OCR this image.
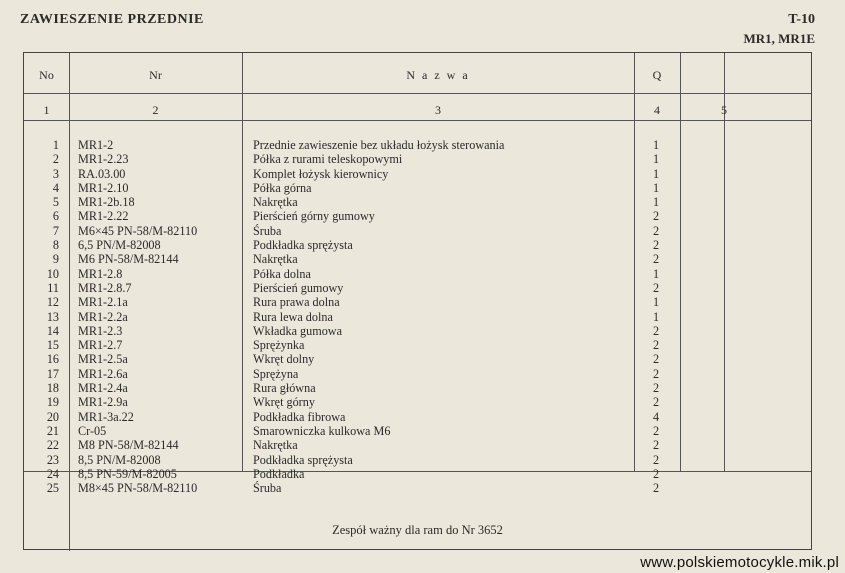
ZAWIESZENIE PRZEDNIE	T-10
MR1, MR1E
No	Nr	N a z w a	Q
1	2	3	4	5
1 MR1-2	Przednie zawieszenie bez układu łożysk sterowania	1
2 MR1-2.23	Półka z rurami teleskopowymi	1
3 RA.03.00	Komplet łożysk kierownicy	1
4 MR1-2.10	Półka górna	1
5 MR1-2b.18	Nakrętka	1
6 MR1-2.22	Pierścień górny gumowy	2
7 M6×45 PN-58/M-82110	Śruba	2
8 6,5 PN/M-82008	Podkładka sprężysta	2
9 M6 PN-58/M-82144	Nakrętka	2
10 MR1-2.8	Półka dolna	1
11 MR1-2.8.7	Pierścień gumowy	2
12 MR1-2.1a	Rura prawa dolna	1
13 MR1-2.2a	Rura lewa dolna	1
14 MR1-2.3	Wkładka gumowa	2
15 MR1-2.7	Sprężynka	2
16 MR1-2.5a	Wkręt dolny	2
17 MR1-2.6a	Sprężyna	2
18 MR1-2.4a	Rura główna	2
19 MR1-2.9a	Wkręt górny	2
20 MR1-3a.22	Podkładka fibrowa	4
21 Cr-05	Smarowniczka kulkowa M6	2
22 M8 PN-58/M-82144	Nakrętka	2
23 8,5 PN/M-82008	Podkładka sprężysta	2
24 8,5 PN-59/M-82005	Podkładka	2
25 M8×45 PN-58/M-82110	Śruba	2
Zespół ważny dla ram do Nr 3652
www.polskiemotocykle.mik.pl
